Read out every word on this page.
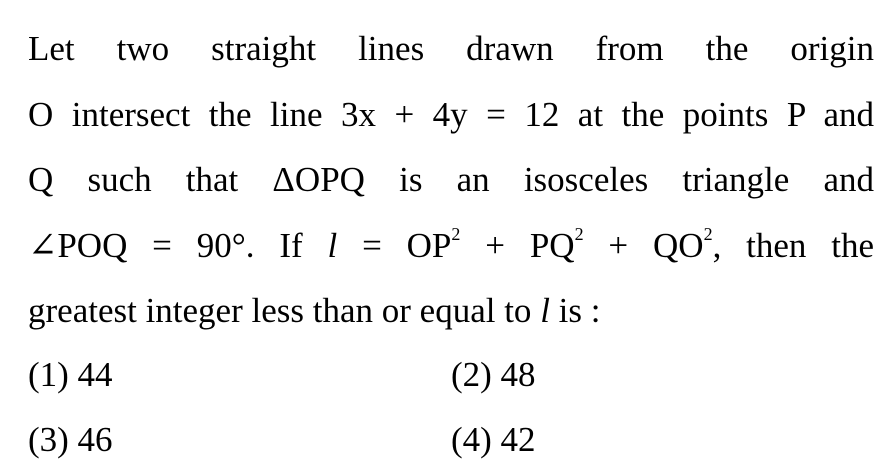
Let two straight lines drawn from the origin
O intersect the line 3x + 4y = 12 at the points P and
Q such that ΔOPQ is an isosceles triangle and
∠POQ = 90°. If $l = OP^2 + PQ^2 + QO^2$, then the
greatest integer less than or equal to l is :
(1) 44	(2) 48
(3) 46	(4) 42
